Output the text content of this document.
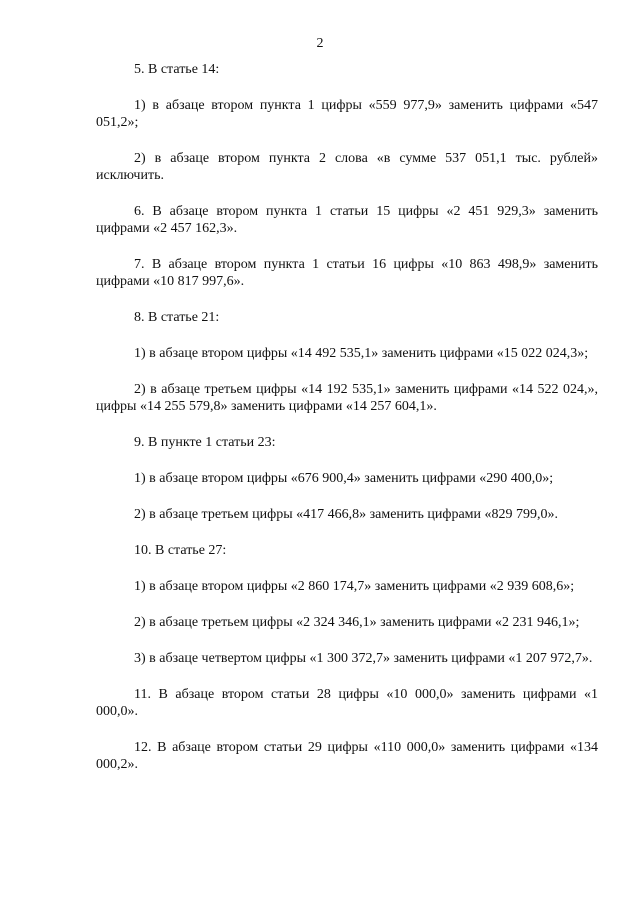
2

5. В статье 14:

1) в абзаце втором пункта 1 цифры «559 977,9» заменить цифрами «547 051,2»;

2) в абзаце втором пункта 2 слова «в сумме 537 051,1 тыс. рублей» исключить.

6. В абзаце втором пункта 1 статьи 15 цифры «2 451 929,3» заменить цифрами «2 457 162,3».

7. В абзаце втором пункта 1 статьи 16 цифры «10 863 498,9» заменить цифрами «10 817 997,6».

8. В статье 21:

1) в абзаце втором цифры «14 492 535,1» заменить цифрами «15 022 024,3»;

2) в абзаце третьем цифры «14 192 535,1» заменить цифрами «14 522 024,», цифры «14 255 579,8» заменить цифрами «14 257 604,1».

9. В пункте 1 статьи 23:

1) в абзаце втором цифры «676 900,4» заменить цифрами «290 400,0»;

2) в абзаце третьем цифры «417 466,8» заменить цифрами «829 799,0».

10. В статье 27:

1) в абзаце втором цифры «2 860 174,7» заменить цифрами «2 939 608,6»;

2) в абзаце третьем цифры «2 324 346,1» заменить цифрами «2 231 946,1»;

3) в абзаце четвертом цифры «1 300 372,7» заменить цифрами «1 207 972,7».

11. В абзаце втором статьи 28 цифры «10 000,0» заменить цифрами «1 000,0».

12. В абзаце втором статьи 29 цифры «110 000,0» заменить цифрами «134 000,2».
